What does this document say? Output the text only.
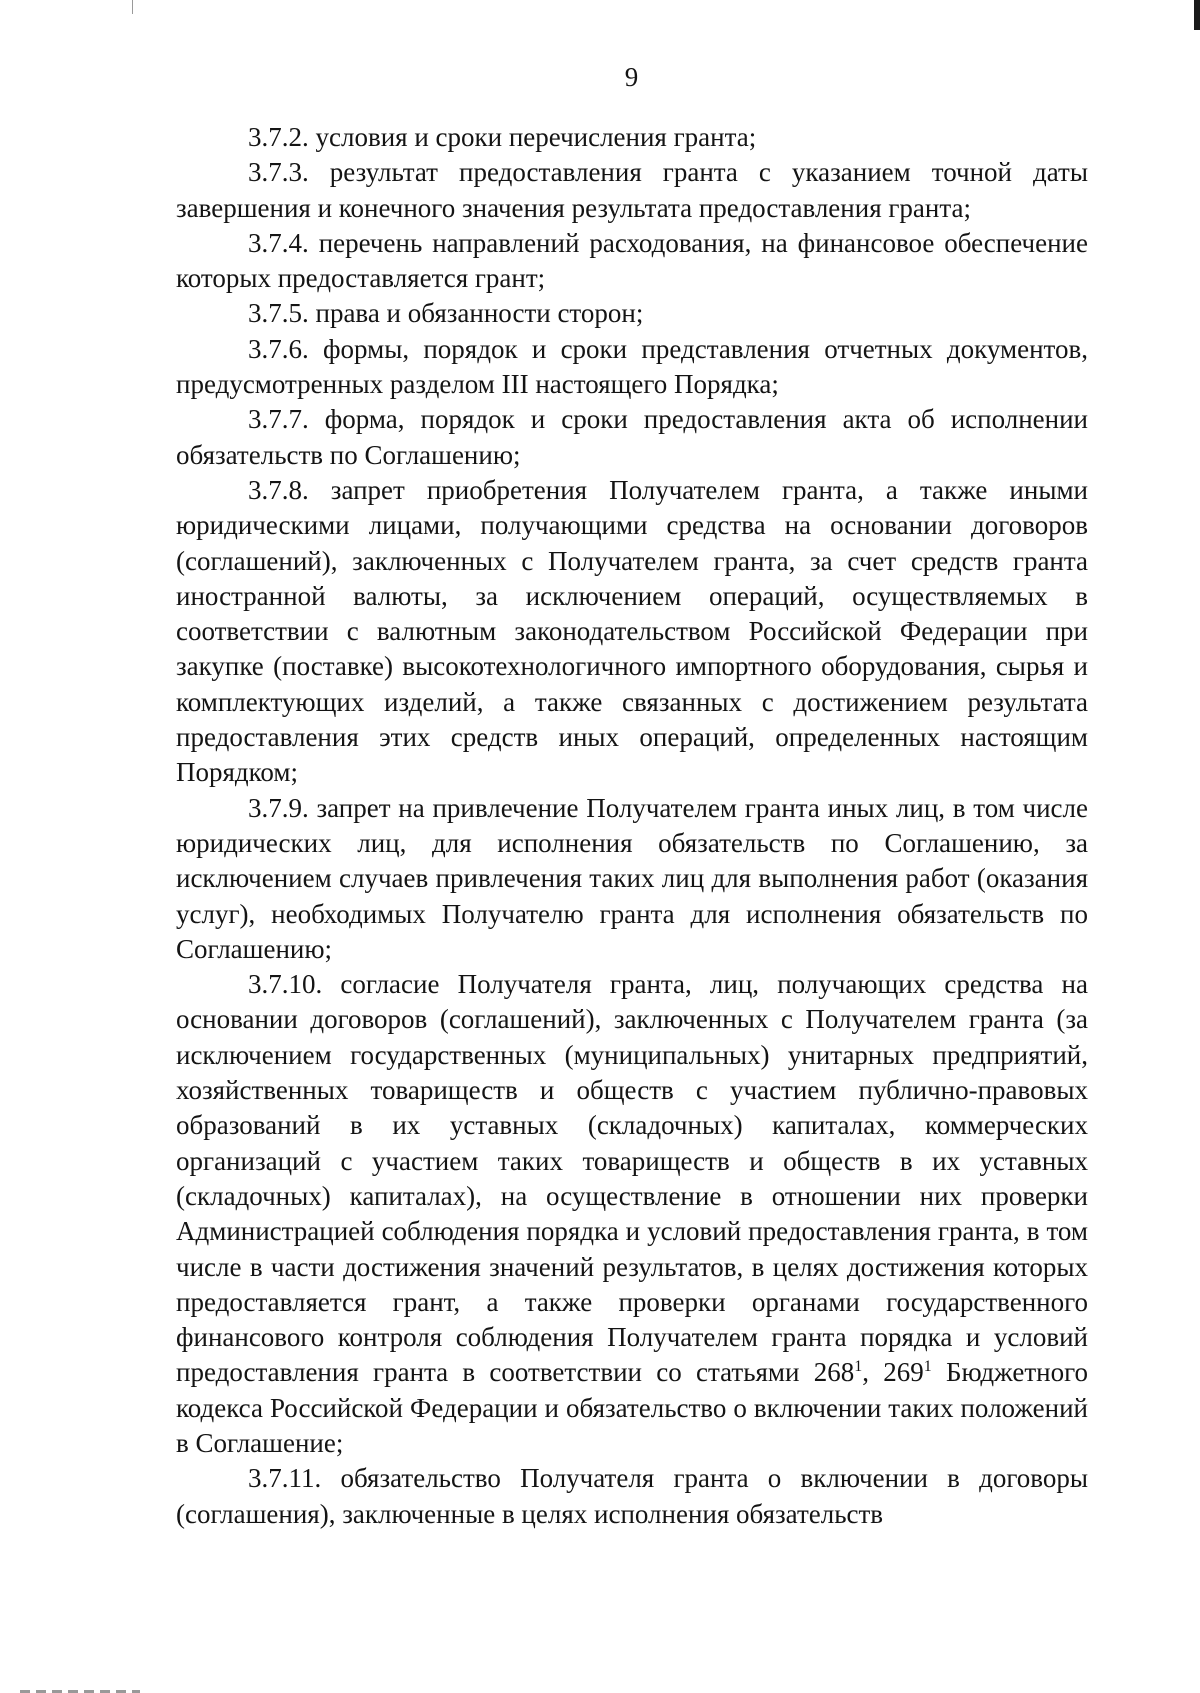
9

3.7.2. условия и сроки перечисления гранта;

3.7.3. результат предоставления гранта с указанием точной даты завершения и конечного значения результата предоставления гранта;

3.7.4. перечень направлений расходования, на финансовое обеспечение которых предоставляется грант;

3.7.5. права и обязанности сторон;

3.7.6. формы, порядок и сроки представления отчетных документов, предусмотренных разделом III настоящего Порядка;

3.7.7. форма, порядок и сроки предоставления акта об исполнении обязательств по Соглашению;

3.7.8. запрет приобретения Получателем гранта, а также иными юридическими лицами, получающими средства на основании договоров (соглашений), заключенных с Получателем гранта, за счет средств гранта иностранной валюты, за исключением операций, осуществляемых в соответствии с валютным законодательством Российской Федерации при закупке (поставке) высокотехнологичного импортного оборудования, сырья и комплектующих изделий, а также связанных с достижением результата предоставления этих средств иных операций, определенных настоящим Порядком;

3.7.9. запрет на привлечение Получателем гранта иных лиц, в том числе юридических лиц, для исполнения обязательств по Соглашению, за исключением случаев привлечения таких лиц для выполнения работ (оказания услуг), необходимых Получателю гранта для исполнения обязательств по Соглашению;

3.7.10. согласие Получателя гранта, лиц, получающих средства на основании договоров (соглашений), заключенных с Получателем гранта (за исключением государственных (муниципальных) унитарных предприятий, хозяйственных товариществ и обществ с участием публично-правовых образований в их уставных (складочных) капиталах, коммерческих организаций с участием таких товариществ и обществ в их уставных (складочных) капиталах), на осуществление в отношении них проверки Администрацией соблюдения порядка и условий предоставления гранта, в том числе в части достижения значений результатов, в целях достижения которых предоставляется грант, а также проверки органами государственного финансового контроля соблюдения Получателем гранта порядка и условий предоставления гранта в соответствии со статьями $268^1$, $269^1$ Бюджетного кодекса Российской Федерации и обязательство о включении таких положений в Соглашение;

3.7.11. обязательство Получателя гранта о включении в договоры (соглашения), заключенные в целях исполнения обязательств
